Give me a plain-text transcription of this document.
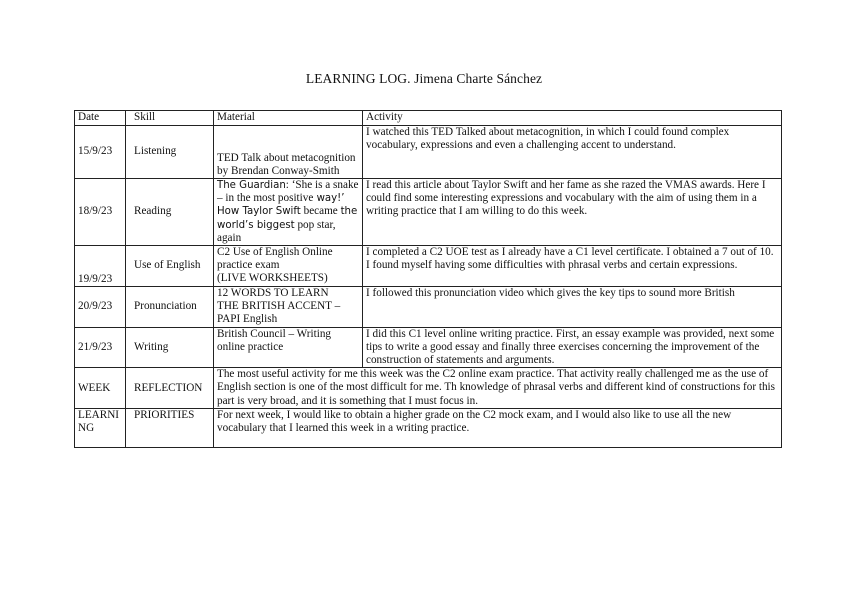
LEARNING LOG. Jimena Charte Sánchez
Date	Skill	Material	Activity
15/9/23	Listening	TED Talk about metacognition by Brendan Conway-Smith	I watched this TED Talked about metacognition, in which I could found complex vocabulary, expressions and even a challenging accent to understand.
18/9/23	Reading	The Guardian: ‘She is a snake – in the most positive way!’ How Taylor Swift became the world’s biggest pop star, again	I read this article about Taylor Swift and her fame as she razed the VMAS awards. Here I could find some interesting expressions and vocabulary with the aim of using them in a writing practice that I am willing to do this week.
19/9/23	Use of English	C2 Use of English Online
practice exam
(LIVE WORKSHEETS)	I completed a C2 UOE test as I already have a C1 level certificate. I obtained a 7 out of 10. I found myself having some difficulties with phrasal verbs and certain expressions.
20/9/23	Pronunciation	12 WORDS TO LEARN
THE BRITISH ACCENT –
PAPI English	I followed this pronunciation video which gives the key tips to sound more British
21/9/23	Writing	British Council – Writing online practice	I did this C1 level online writing practice. First, an essay example was provided, next some tips to write a good essay and finally three exercises concerning the improvement of the construction of statements and arguments.
WEEK	REFLECTION	The most useful activity for me this week was the C2 online exam practice. That activity really challenged me as the use of English section is one of the most difficult for me. Th knowledge of phrasal verbs and different kind of constructions for this part is very broad, and it is something that I must focus in.	

LEARNI
NG	PRIORITIES	For next week, I would like to obtain a higher grade on the C2 mock exam, and I would also like to use all the new vocabulary that I learned this week in a writing practice.	
